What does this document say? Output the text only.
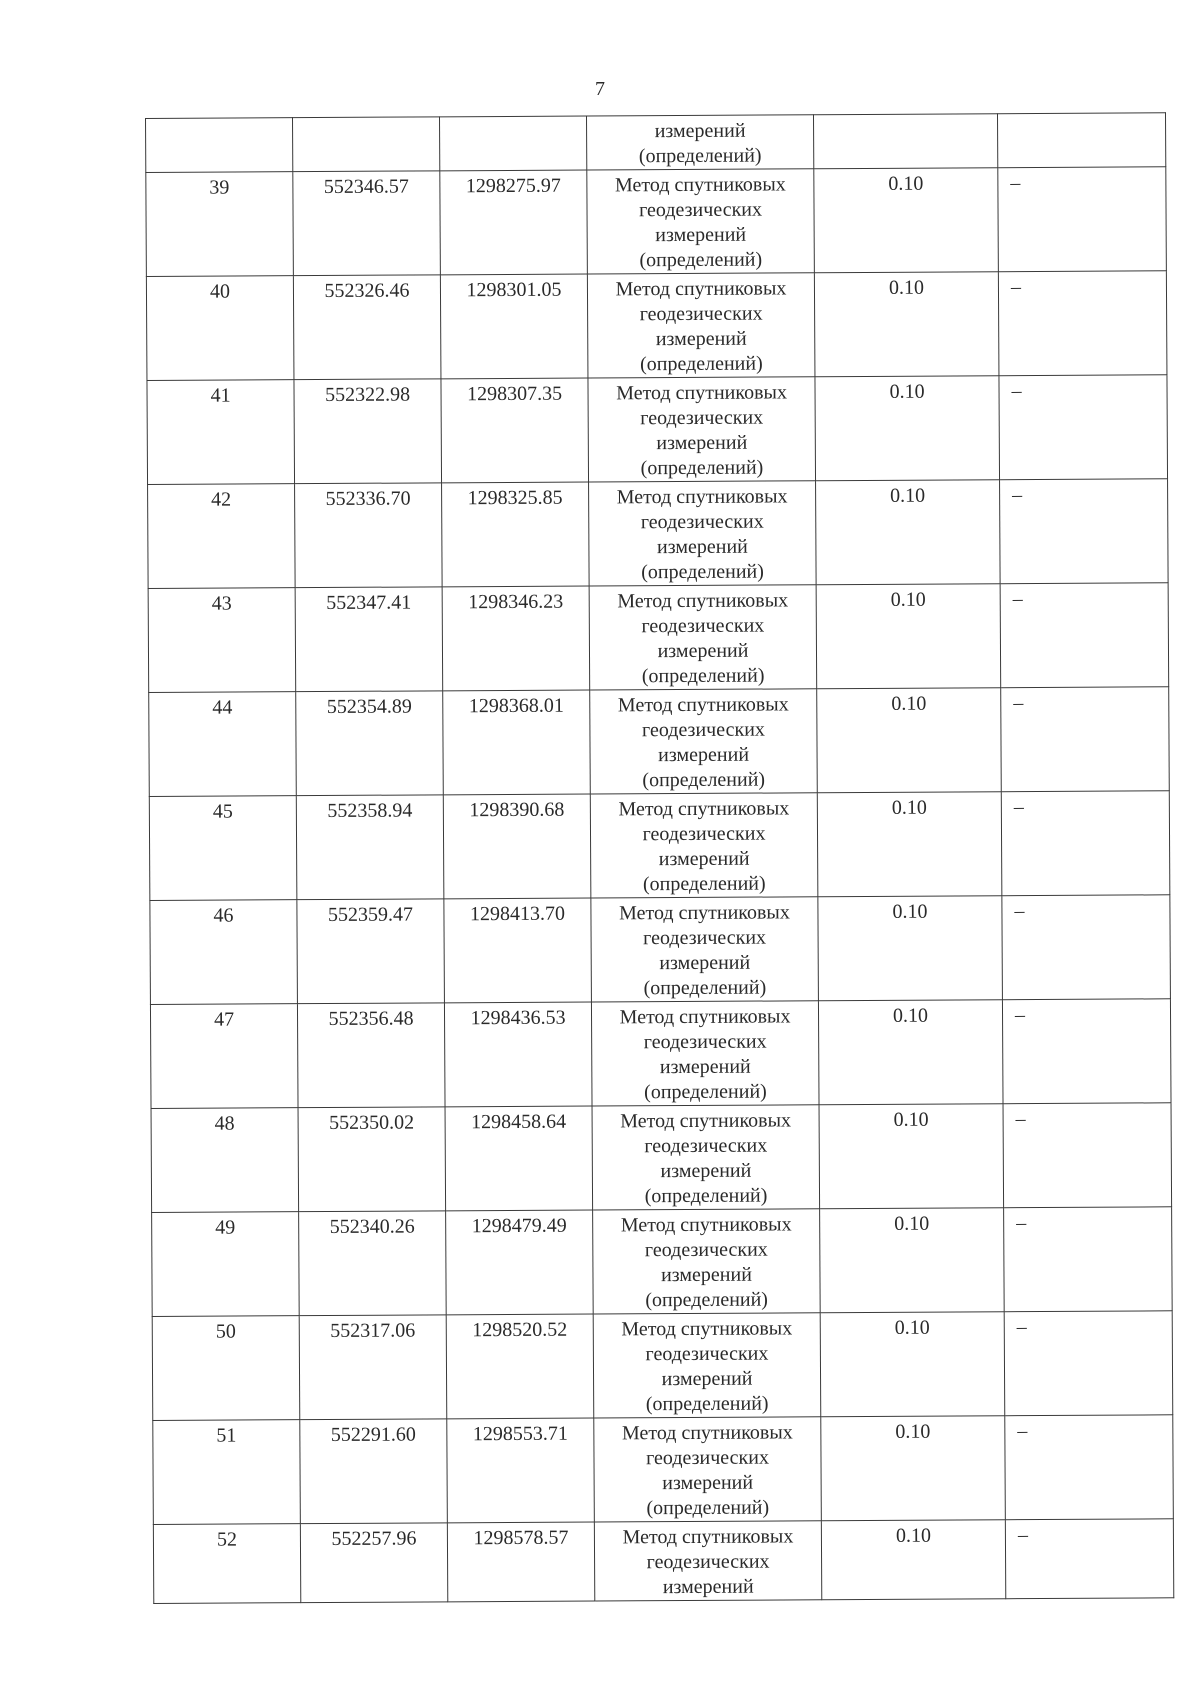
7

			измерений
(определений)		

39	552346.57	1298275.97	Метод спутниковых
геодезических
измерений
(определений)	0.10	–
40	552326.46	1298301.05	Метод спутниковых
геодезических
измерений
(определений)	0.10	–
41	552322.98	1298307.35	Метод спутниковых
геодезических
измерений
(определений)	0.10	–
42	552336.70	1298325.85	Метод спутниковых
геодезических
измерений
(определений)	0.10	–
43	552347.41	1298346.23	Метод спутниковых
геодезических
измерений
(определений)	0.10	–
44	552354.89	1298368.01	Метод спутниковых
геодезических
измерений
(определений)	0.10	–
45	552358.94	1298390.68	Метод спутниковых
геодезических
измерений
(определений)	0.10	–
46	552359.47	1298413.70	Метод спутниковых
геодезических
измерений
(определений)	0.10	–
47	552356.48	1298436.53	Метод спутниковых
геодезических
измерений
(определений)	0.10	–
48	552350.02	1298458.64	Метод спутниковых
геодезических
измерений
(определений)	0.10	–
49	552340.26	1298479.49	Метод спутниковых
геодезических
измерений
(определений)	0.10	–
50	552317.06	1298520.52	Метод спутниковых
геодезических
измерений
(определений)	0.10	–
51	552291.60	1298553.71	Метод спутниковых
геодезических
измерений
(определений)	0.10	–
52	552257.96	1298578.57	Метод спутниковых
геодезических
измерений	0.10	–
